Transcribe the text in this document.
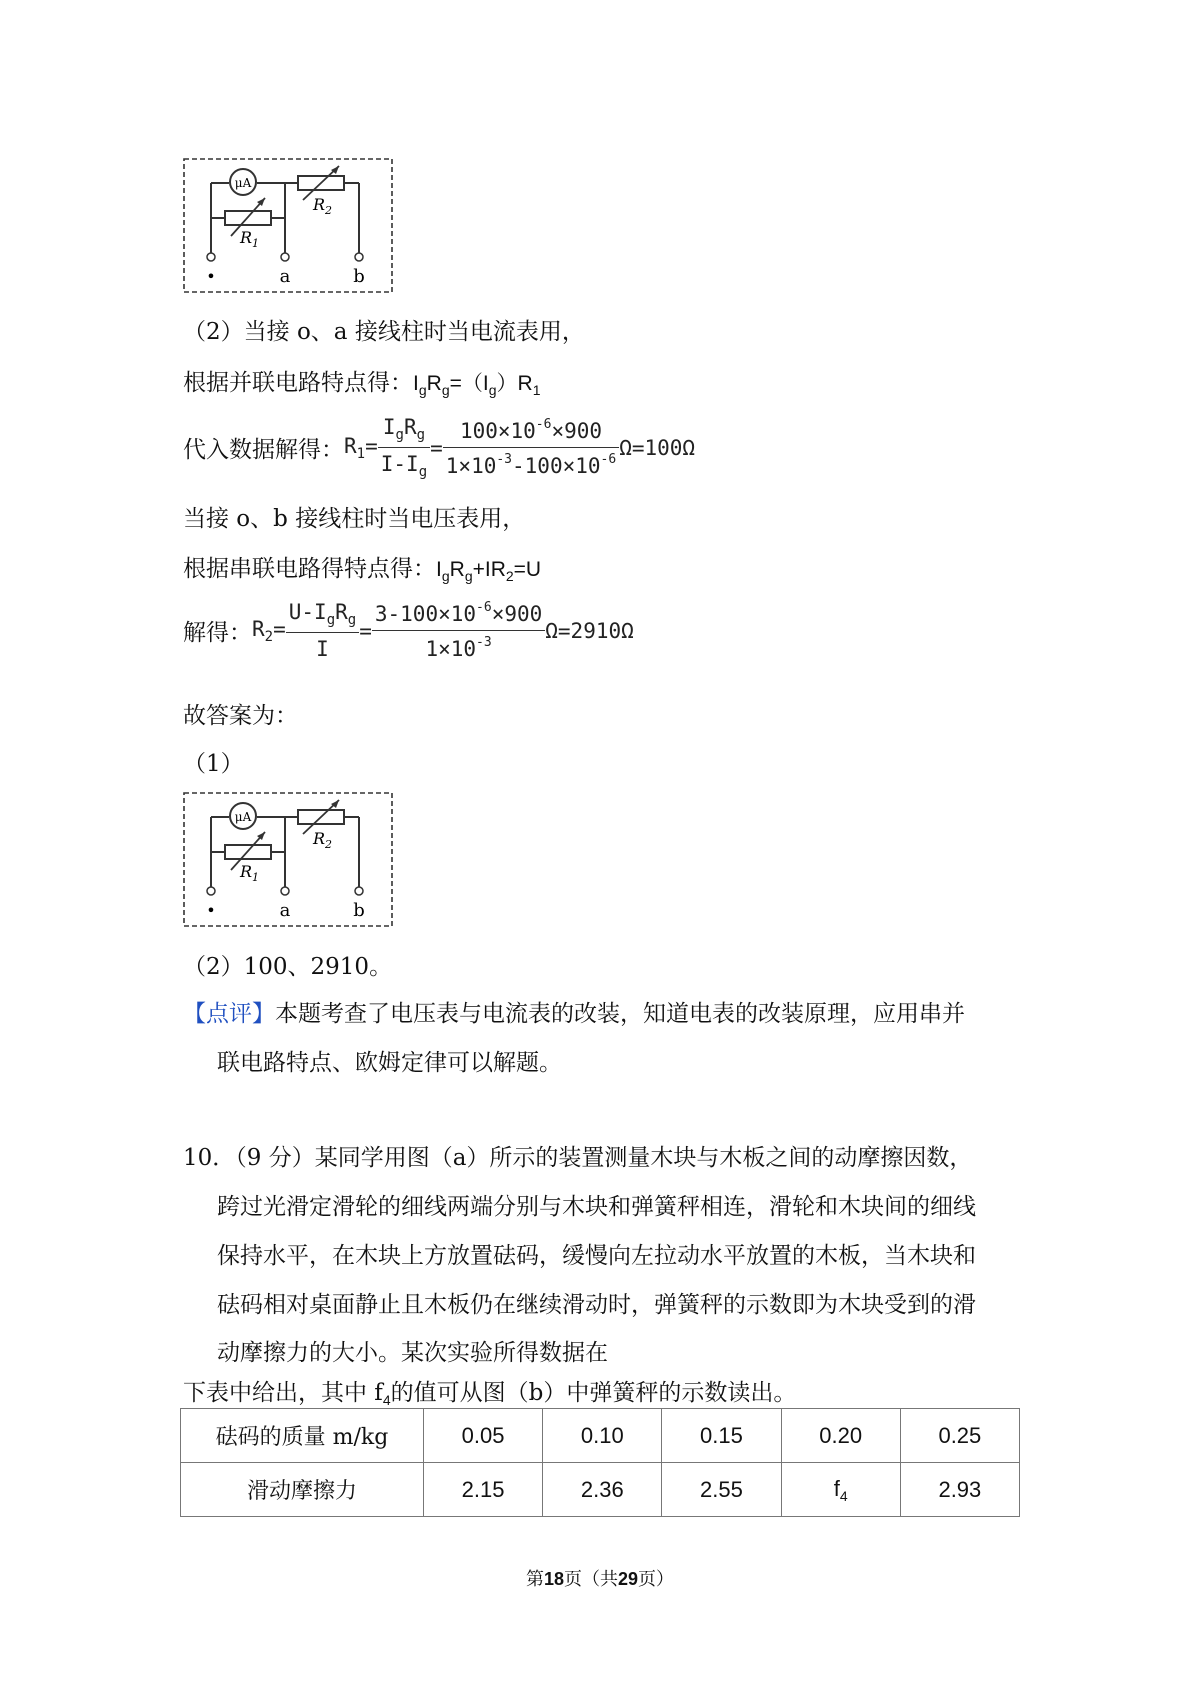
μA
$R_1$
$R_2$
•	a	b
（2）当接 o、a 接线柱时当电流表用，
根据并联电路特点得：$I_gR_g=(I_g)R_1$
代入数据解得： $R_1= \frac{I_gR_g}{I-I_g} = \frac{100\times 10^{-6}\times 900}{1\times 10^{-3}-100\times 10^{-6}} \Omega=100\Omega$
当接 o、b 接线柱时当电压表用，
根据串联电路得特点得：$I_gR_g+IR_2=U$
解得： $R_2= \frac{U-I_gR_g}{I} = \frac{3-100\times 10^{-6}\times 900}{1\times 10^{-3}} \Omega=2910\Omega$
故答案为：
（1）
μA
$R_1$
$R_2$
•	a	b
（2）100、2910。
【点评】本题考查了电压表与电流表的改装，知道电表的改装原理，应用串并
联电路特点、欧姆定律可以解题。
10．（9 分）某同学用图（a）所示的装置测量木块与木板之间的动摩擦因数，
跨过光滑定滑轮的细线两端分别与木块和弹簧秤相连，滑轮和木块间的细线
保持水平，在木块上方放置砝码，缓慢向左拉动水平放置的木板，当木块和
砝码相对桌面静止且木板仍在继续滑动时，弹簧秤的示数即为木块受到的滑
动摩擦力的大小。某次实验所得数据在
下表中给出，其中 $f_4$的值可从图（b）中弹簧秤的示数读出。
砝码的质量 m/kg	0.05	0.10	0.15	0.20	0.25
滑动摩擦力	2.15	2.36	2.55	$f_4$	2.93
第18页（共29页）
